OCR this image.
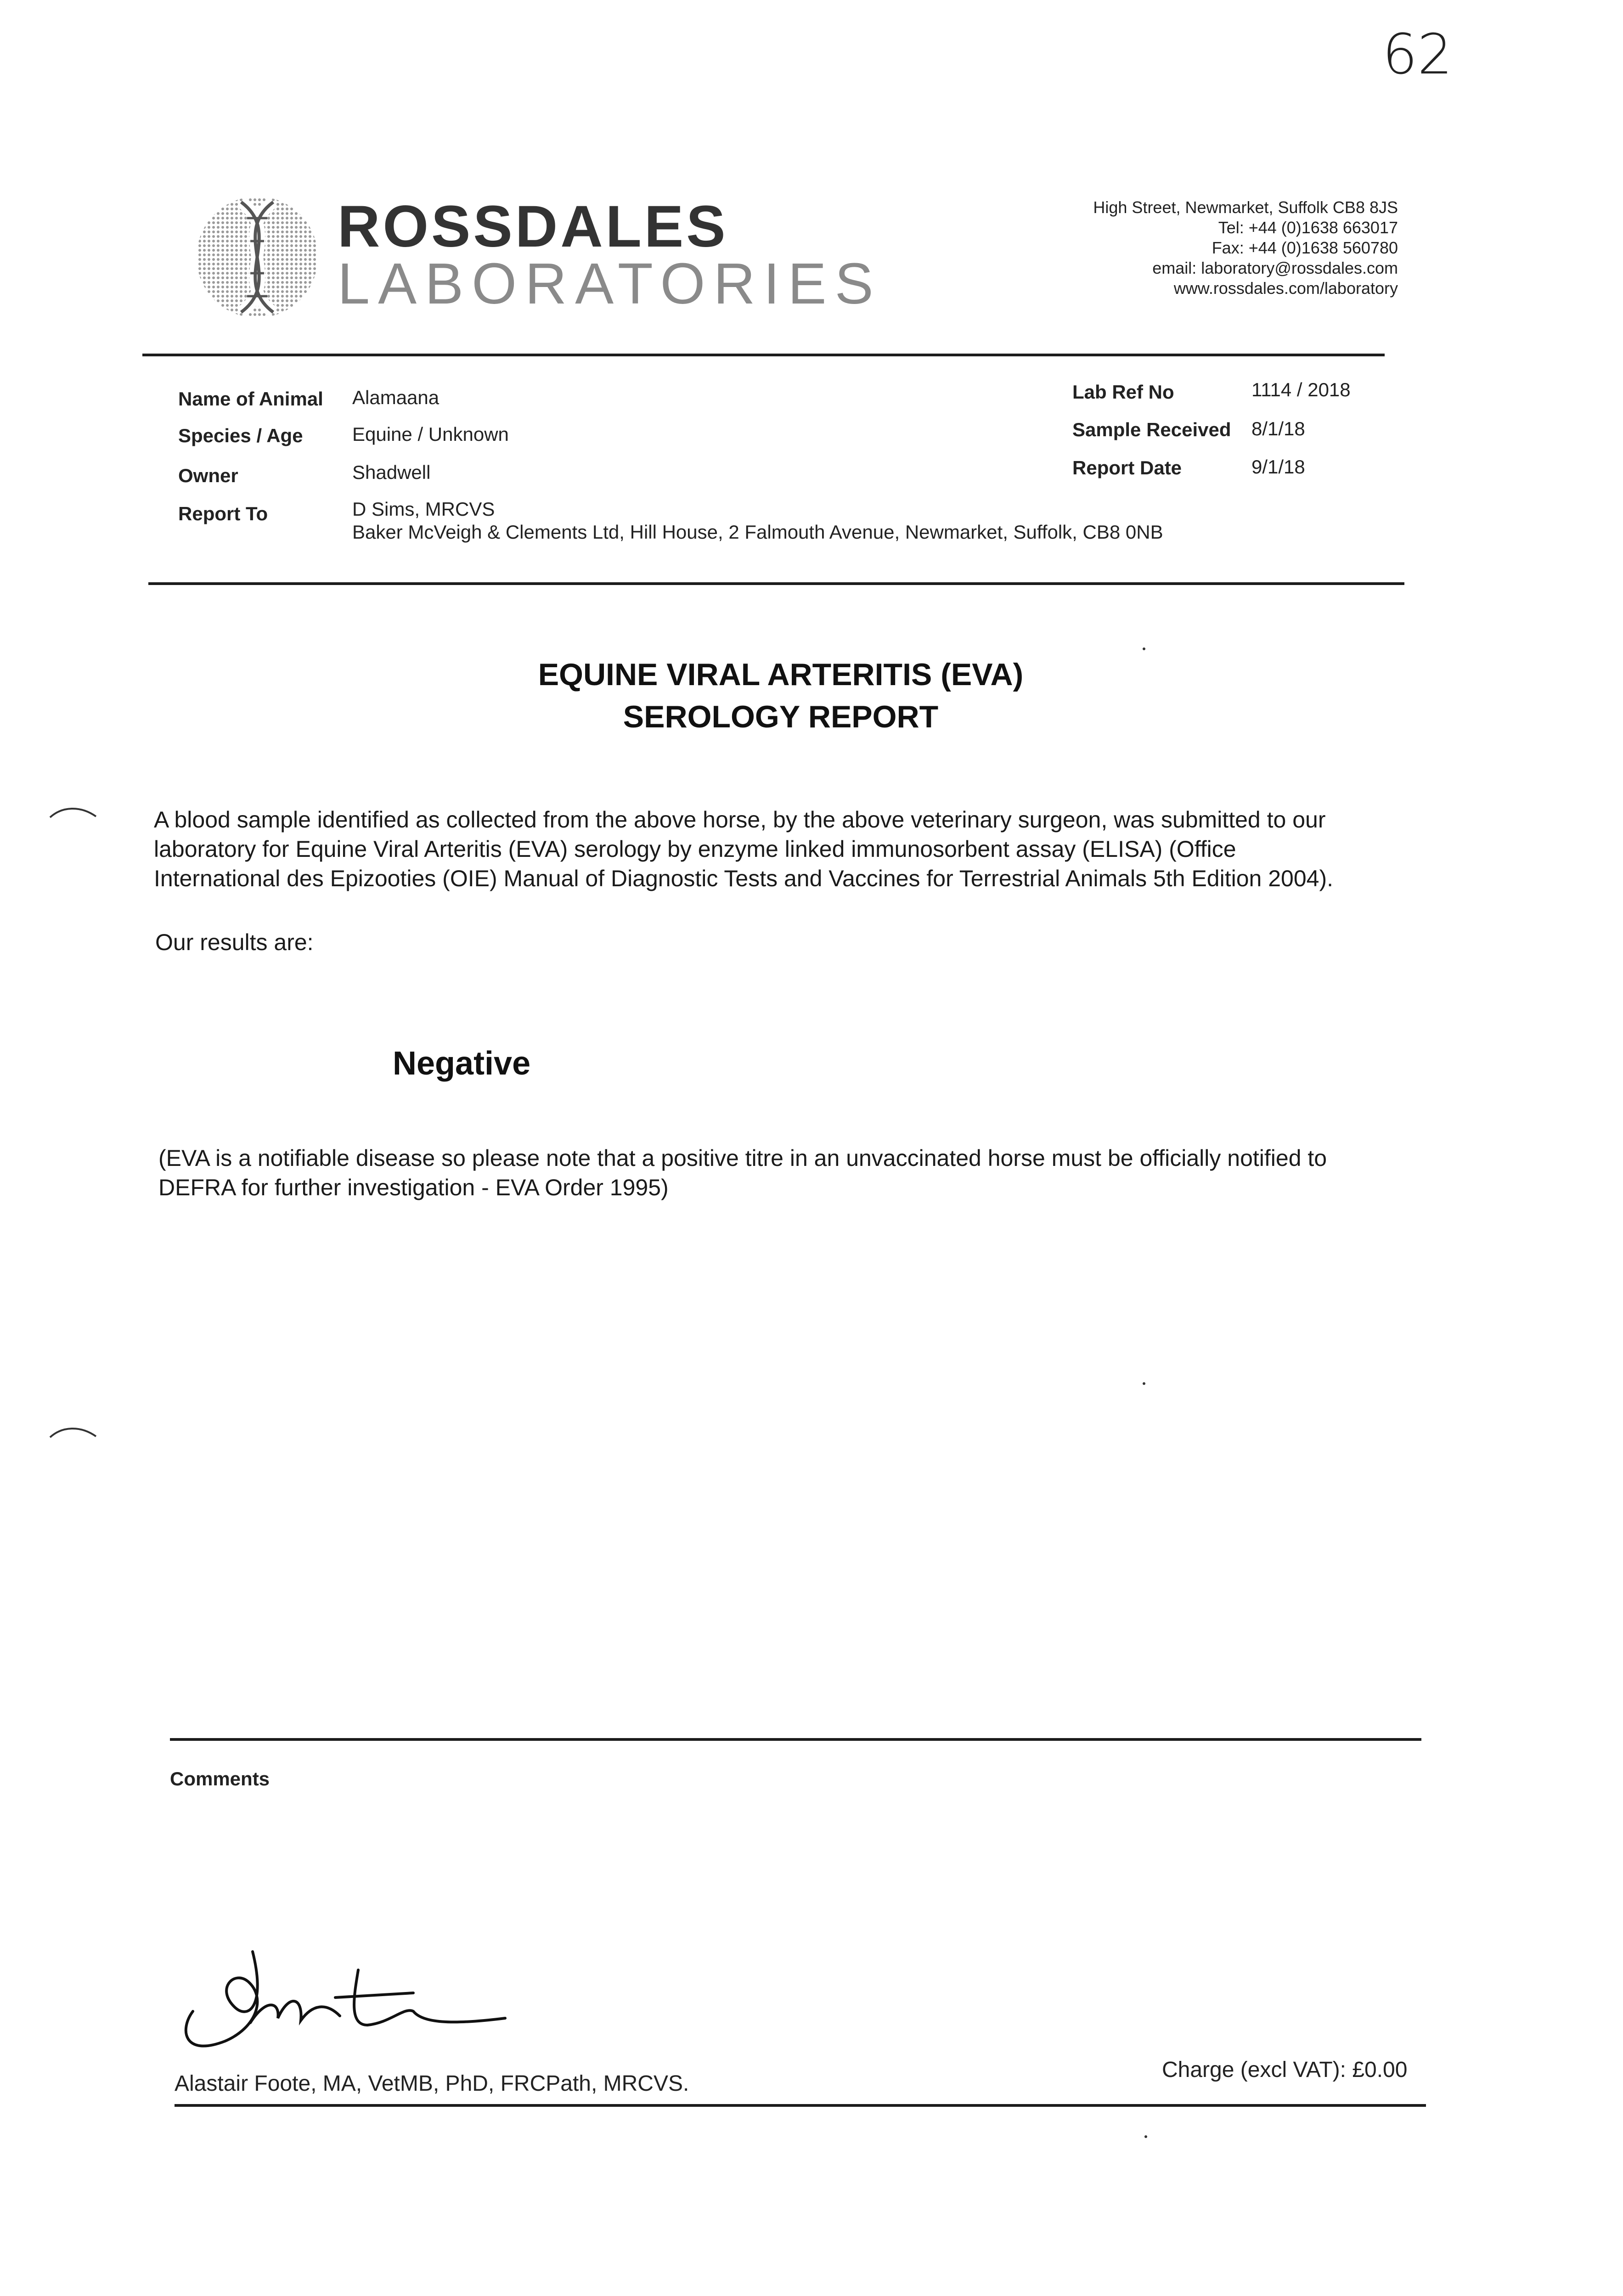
62
ROSSDALES
LABORATORIES
High Street, Newmarket, Suffolk CB8 8JS
Tel: +44 (0)1638 663017
Fax: +44 (0)1638 560780
email: laboratory@rossdales.com
www.rossdales.com/laboratory
Name of Animal Alamaana
Species / Age	Equine / Unknown
Owner	Shadwell
Report To	D Sims, MRCVS
Baker McVeigh & Clements Ltd, Hill House, 2 Falmouth Avenue, Newmarket, Suffolk, CB8 0NB
Lab Ref No	1114 / 2018
Sample Received 8/1/18
Report Date	9/1/18
EQUINE VIRAL ARTERITIS (EVA)
SEROLOGY REPORT
A blood sample identified as collected from the above horse, by the above veterinary surgeon, was submitted to our
laboratory for Equine Viral Arteritis (EVA) serology by enzyme linked immunosorbent assay (ELISA) (Office
International des Epizooties (OIE) Manual of Diagnostic Tests and Vaccines for Terrestrial Animals 5th Edition 2004).
Our results are:
Negative
(EVA is a notifiable disease so please note that a positive titre in an unvaccinated horse must be officially notified to
DEFRA for further investigation - EVA Order 1995)
Comments
Alastair Foote, MA, VetMB, PhD, FRCPath, MRCVS.
Charge (excl VAT): £0.00
